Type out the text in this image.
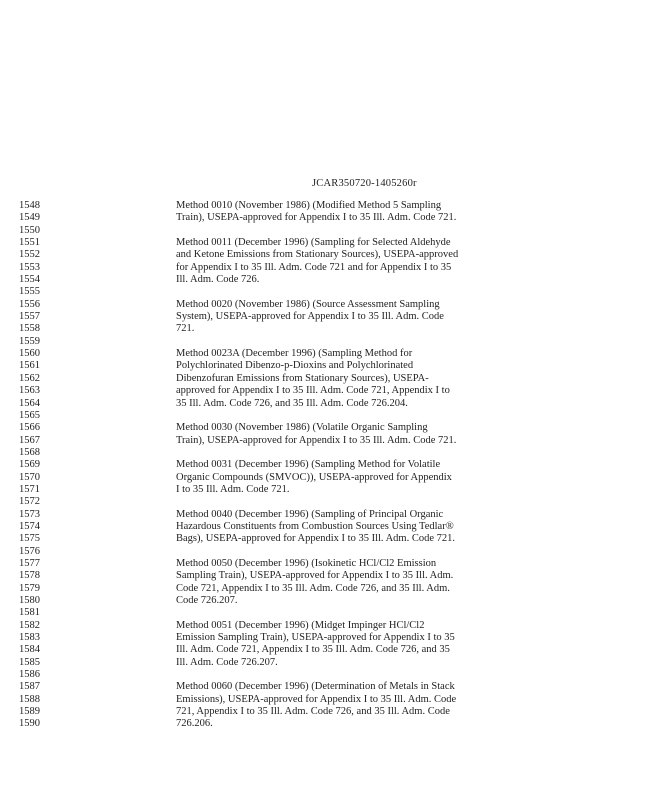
JCAR350720-1405260r
1548	Method 0010 (November 1986) (Modified Method 5 Sampling
1549	Train), USEPA-approved for Appendix I to 35 Ill. Adm. Code 721.
1550
1551	Method 0011 (December 1996) (Sampling for Selected Aldehyde
1552	and Ketone Emissions from Stationary Sources), USEPA-approved
1553	for Appendix I to 35 Ill. Adm. Code 721 and for Appendix I to 35
1554	Ill. Adm. Code 726.
1555
1556	Method 0020 (November 1986) (Source Assessment Sampling
1557	System), USEPA-approved for Appendix I to 35 Ill. Adm. Code
1558	721.
1559
1560	Method 0023A (December 1996) (Sampling Method for
1561	Polychlorinated Dibenzo-p-Dioxins and Polychlorinated
1562	Dibenzofuran Emissions from Stationary Sources), USEPA-
1563	approved for Appendix I to 35 Ill. Adm. Code 721, Appendix I to
1564	35 Ill. Adm. Code 726, and 35 Ill. Adm. Code 726.204.
1565
1566	Method 0030 (November 1986) (Volatile Organic Sampling
1567	Train), USEPA-approved for Appendix I to 35 Ill. Adm. Code 721.
1568
1569	Method 0031 (December 1996) (Sampling Method for Volatile
1570	Organic Compounds (SMVOC)), USEPA-approved for Appendix
1571	I to 35 Ill. Adm. Code 721.
1572
1573	Method 0040 (December 1996) (Sampling of Principal Organic
1574	Hazardous Constituents from Combustion Sources Using Tedlar®
1575	Bags), USEPA-approved for Appendix I to 35 Ill. Adm. Code 721.
1576
1577	Method 0050 (December 1996) (Isokinetic HCl/Cl2 Emission
1578	Sampling Train), USEPA-approved for Appendix I to 35 Ill. Adm.
1579	Code 721, Appendix I to 35 Ill. Adm. Code 726, and 35 Ill. Adm.
1580	Code 726.207.
1581
1582	Method 0051 (December 1996) (Midget Impinger HCl/Cl2
1583	Emission Sampling Train), USEPA-approved for Appendix I to 35
1584	Ill. Adm. Code 721, Appendix I to 35 Ill. Adm. Code 726, and 35
1585	Ill. Adm. Code 726.207.
1586
1587	Method 0060 (December 1996) (Determination of Metals in Stack
1588	Emissions), USEPA-approved for Appendix I to 35 Ill. Adm. Code
1589	721, Appendix I to 35 Ill. Adm. Code 726, and 35 Ill. Adm. Code
1590	726.206.
